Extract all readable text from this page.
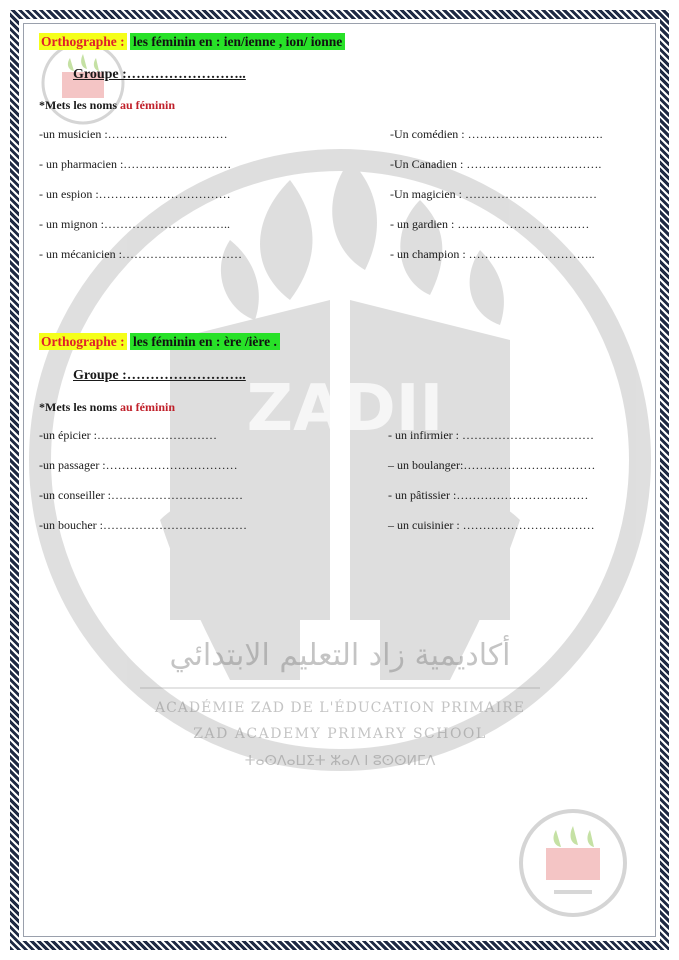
ZADII
أكاديمية زاد التعليم الابتدائي
ACADÉMIE ZAD DE L'ÉDUCATION PRIMAIRE
ZAD ACADEMY PRIMARY SCHOOL
ⵜⴰⵙⴷⴰⵡⵉⵜ ⵣⴰⴷ ⵏ ⵓⵙⵙⵍⵎⴷ
Orthographe : les féminin en : ien/ienne , ion/ ionne
Groupe :……………………..
*Mets les noms au féminin
-un musicien :…………………………
- un pharmacien :………………………
- un espion :……………………………
- un mignon :…………………………..
- un mécanicien :…………………………
-Un comédien : …………………………….
-Un Canadien : …………………………….
-Un magicien : ……………………………
- un gardien : ……………………………
- un champion : …………………………..
Orthographe : les féminin en : ère /ière .
Groupe :……………………..
*Mets les noms au féminin
-un épicier :…………………………
-un passager :……………………………
-un conseiller :……………………………
-un boucher :………………………………
- un infirmier : ……………………………
– un boulanger:……………………………
- un pâtissier :……………………………
– un cuisinier : ……………………………
